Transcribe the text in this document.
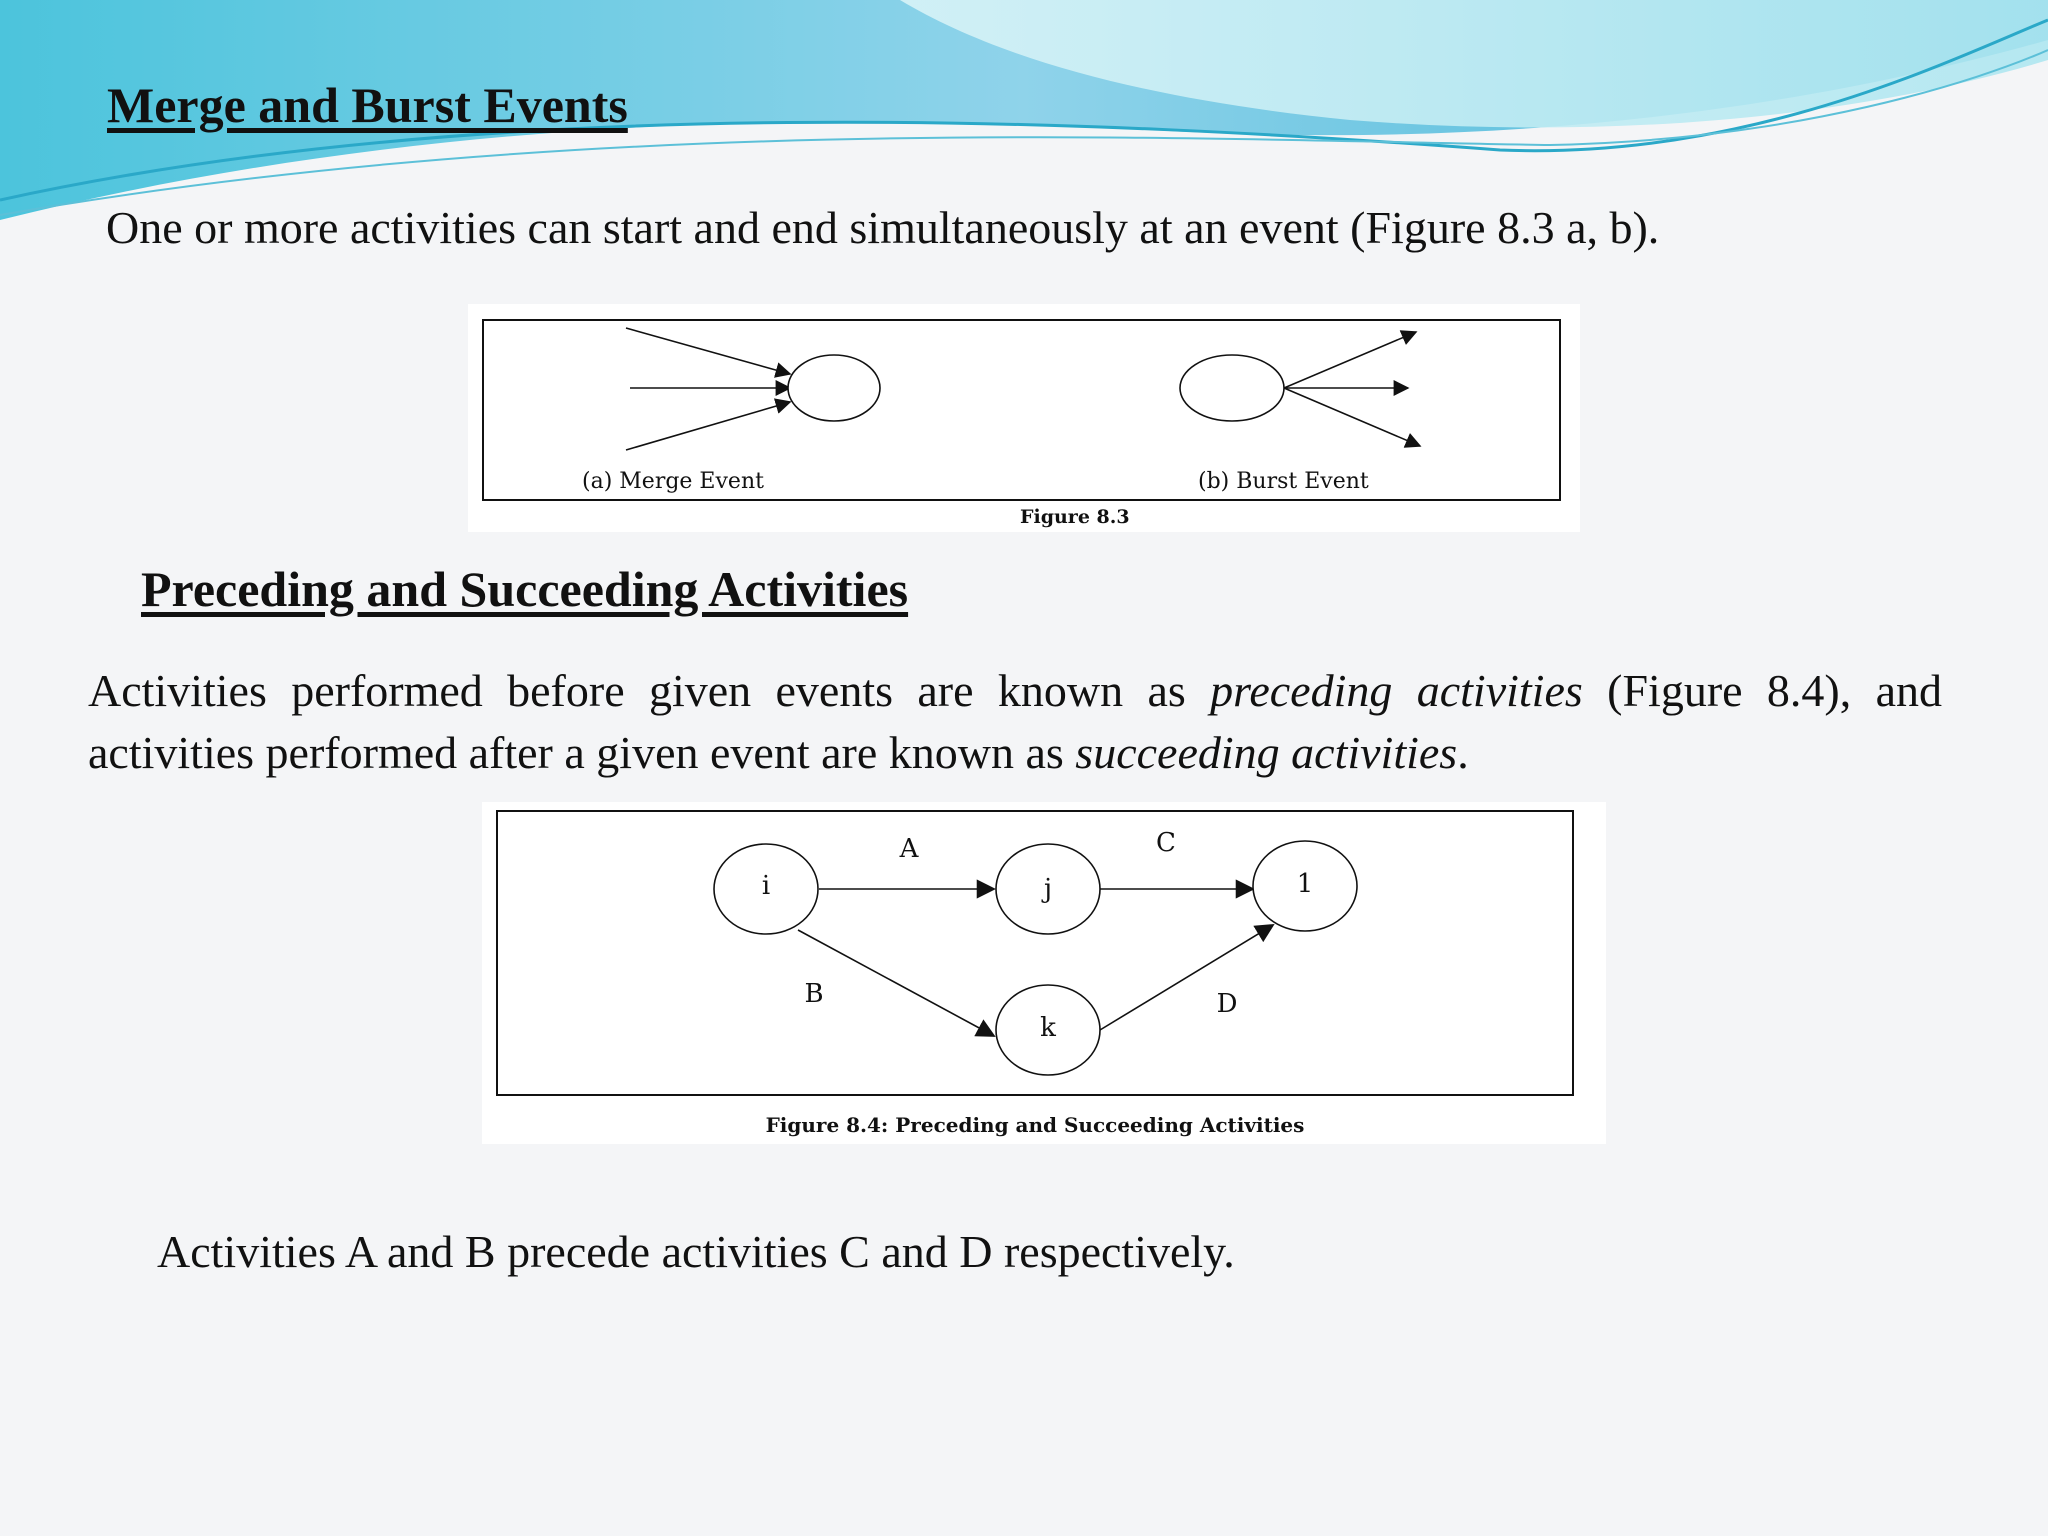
Merge and Burst Events
One or more activities can start and end simultaneously at an event (Figure 8.3 a, b).
(a) Merge Event	(b) Burst Event
Figure 8.3
Preceding and Succeeding Activities
Activities performed before given events are known as preceding activities (Figure 8.4), and activities performed after a given event are known as succeeding activities.
i	j	1
k
A	C
B	D
Figure 8.4: Preceding and Succeeding Activities
Activities A and B precede activities C and D respectively.
